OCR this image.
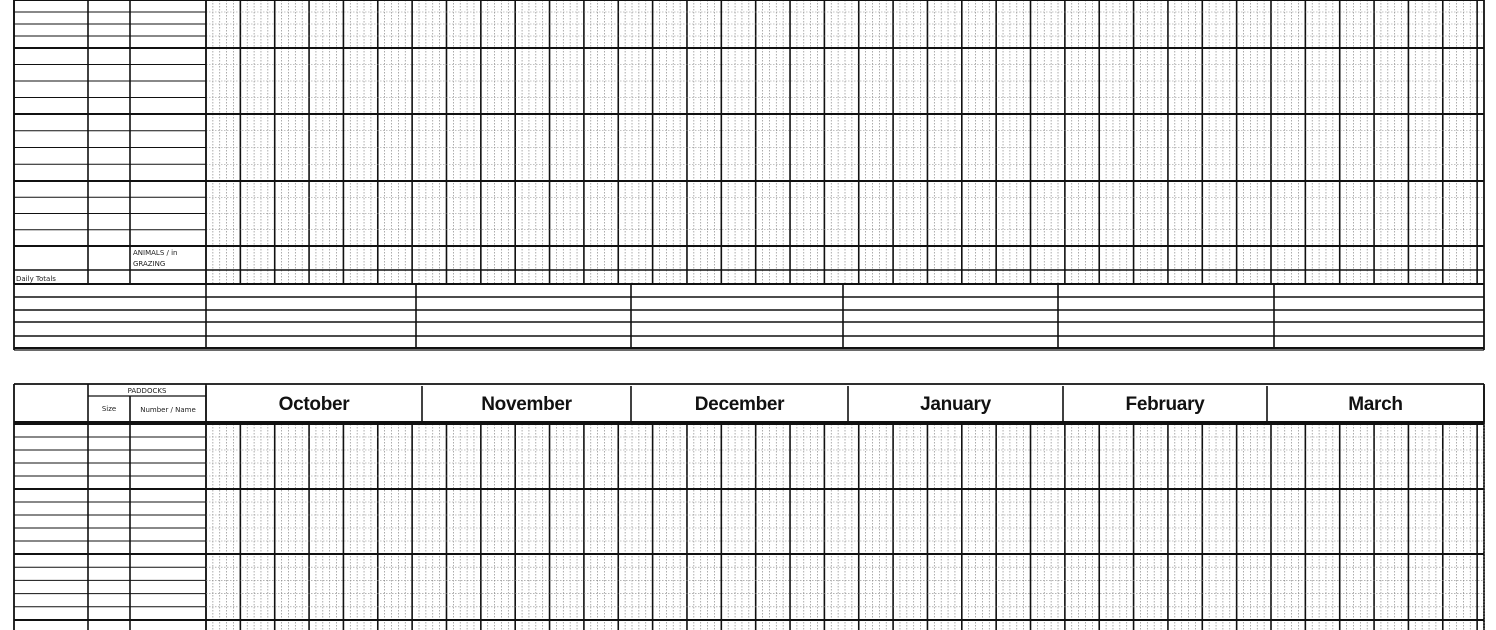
ANIMALS / in
GRAZING
Daily Totals
PADDOCKS
Size	Number / Name	October	November	December	January	February	March
